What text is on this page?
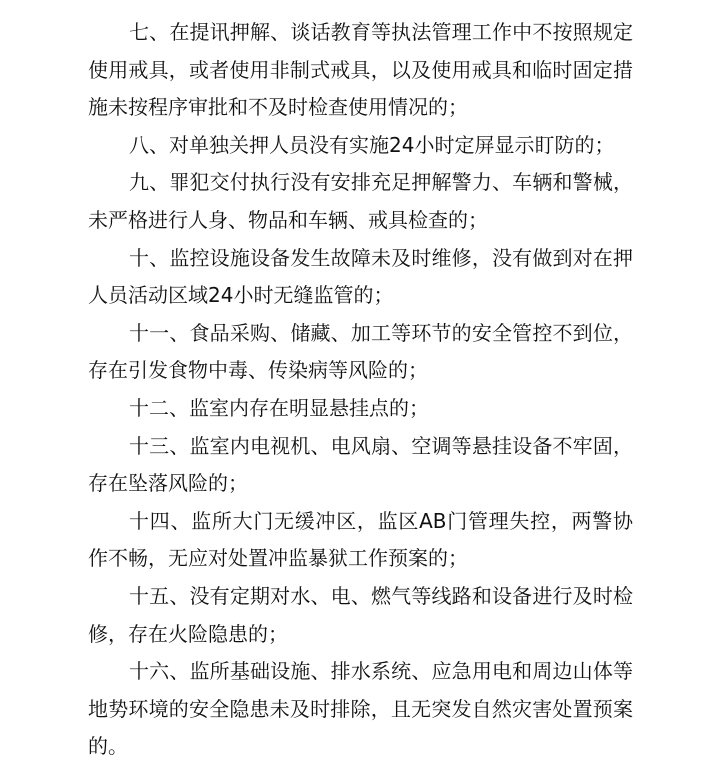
七、在提讯押解、谈话教育等执法管理工作中不按照规定使用戒具，或者使用非制式戒具，以及使用戒具和临时固定措施未按程序审批和不及时检查使用情况的；

八、对单独关押人员没有实施24小时定屏显示盯防的；

九、罪犯交付执行没有安排充足押解警力、车辆和警械，未严格进行人身、物品和车辆、戒具检查的；

十、监控设施设备发生故障未及时维修，没有做到对在押人员活动区域24小时无缝监管的；

十一、食品采购、储藏、加工等环节的安全管控不到位，存在引发食物中毒、传染病等风险的；

十二、监室内存在明显悬挂点的；

十三、监室内电视机、电风扇、空调等悬挂设备不牢固，存在坠落风险的；

十四、监所大门无缓冲区，监区AB门管理失控，两警协作不畅，无应对处置冲监暴狱工作预案的；

十五、没有定期对水、电、燃气等线路和设备进行及时检修，存在火险隐患的；

十六、监所基础设施、排水系统、应急用电和周边山体等地势环境的安全隐患未及时排除，且无突发自然灾害处置预案的。
